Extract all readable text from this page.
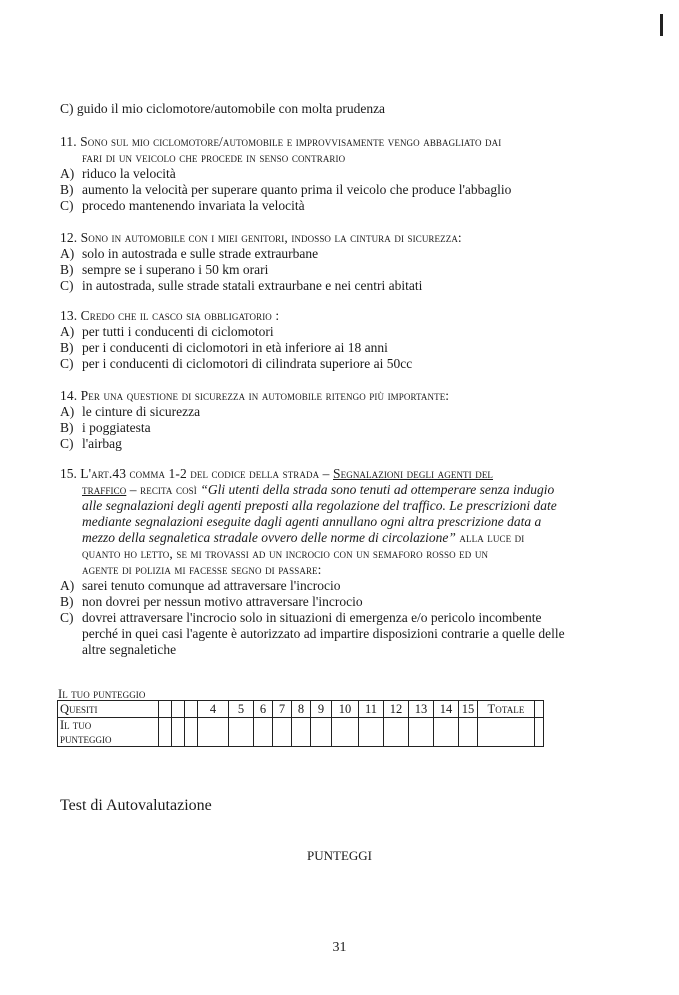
C) guido il mio ciclomotore/automobile con molta prudenza
11. Sono sul mio ciclomotore/automobile e improvvisamente vengo abbagliato dai
fari di un veicolo che procede in senso contrario
A) riduco la velocità
B) aumento la velocità per superare quanto prima il veicolo che produce l'abbaglio
C) procedo mantenendo invariata la velocità
12. Sono in automobile con i miei genitori, indosso la cintura di sicurezza:
A) solo in autostrada e sulle strade extraurbane
B) sempre se i superano i 50 km orari
C) in autostrada, sulle strade statali extraurbane e nei centri abitati
13. Credo che il casco sia obbligatorio :
A) per tutti i conducenti di ciclomotori
B) per i conducenti di ciclomotori in età inferiore ai 18 anni
C) per i conducenti di ciclomotori di cilindrata superiore ai 50cc
14. Per una questione di sicurezza in automobile ritengo più importante:
A) le cinture di sicurezza
B) i poggiatesta
C) l'airbag
15. L'art.43 comma 1-2 del codice della strada – Segnalazioni degli agenti del
traffico – recita così “Gli utenti della strada sono tenuti ad ottemperare senza indugio
alle segnalazioni degli agenti preposti alla regolazione del traffico. Le prescrizioni date
mediante segnalazioni eseguite dagli agenti annullano ogni altra prescrizione data a
mezzo della segnaletica stradale ovvero delle norme di circolazione” alla luce di
quanto ho letto, se mi trovassi ad un incrocio con un semaforo rosso ed un
agente di polizia mi facesse segno di passare:
A) sarei tenuto comunque ad attraversare l'incrocio
B) non dovrei per nessun motivo attraversare l'incrocio
C) dovrei attraversare l'incrocio solo in situazioni di emergenza e/o pericolo incombente
perché in quei casi l'agente è autorizzato ad impartire disposizioni contrarie a quelle delle
altre segnaletiche
Il tuo punteggio
Quesiti				4	5	6	7	8	9	10	11	12	13	14	15	Totale	
Il tuo
punteggio																	
Test di Autovalutazione
PUNTEGGI
31
